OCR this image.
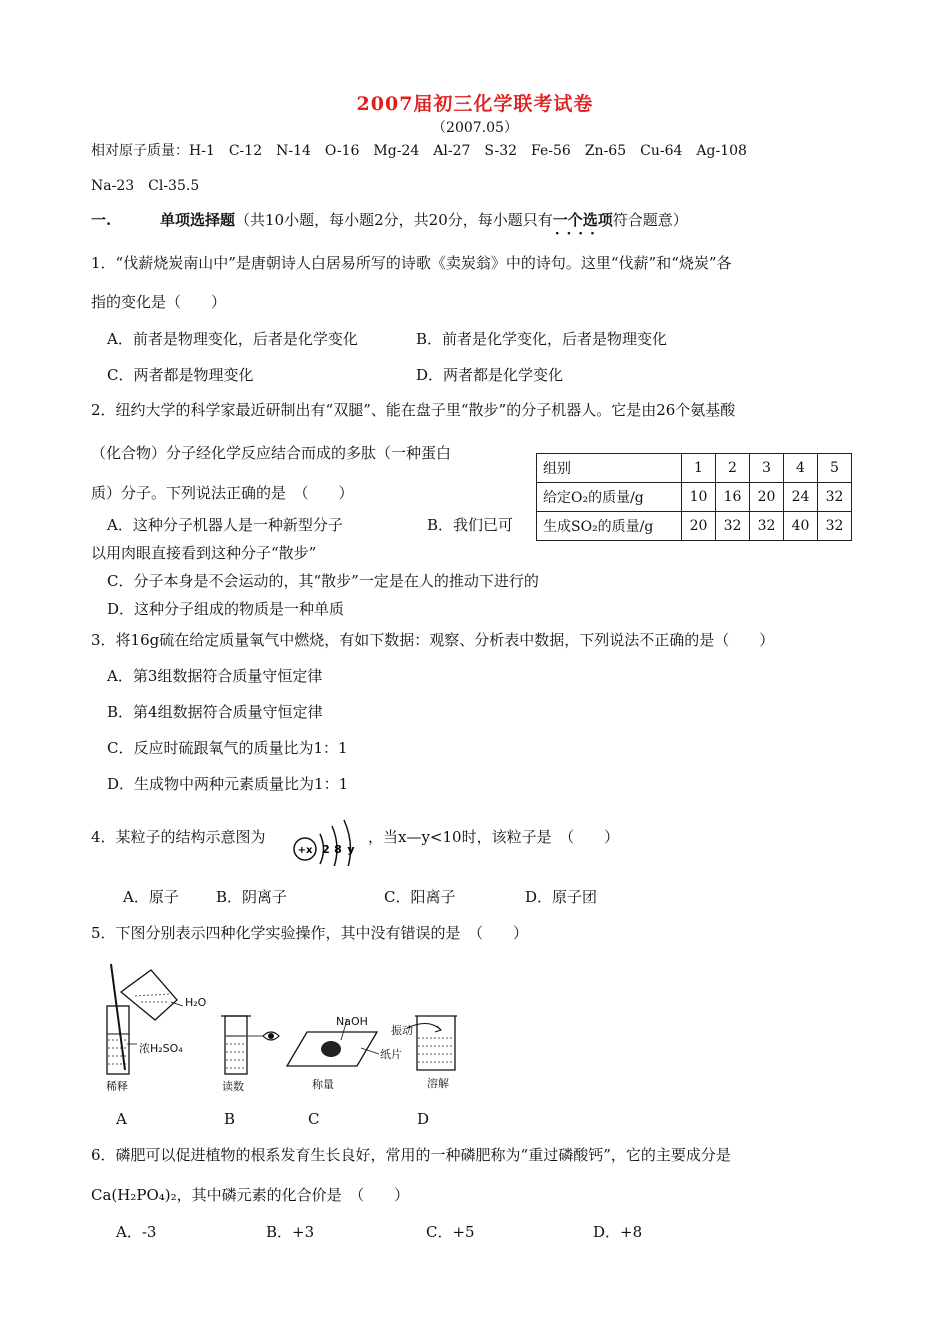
2007届初三化学联考试卷
（2007.05）
相对原子质量：H-1　C-12　N-14　O-16　Mg-24　Al-27　S-32　Fe-56　Zn-65　Cu-64　Ag-108
Na-23　Cl-35.5
一.	单项选择题（共10小题，每小题2分，共20分，每小题只有一个选项 · · 符合题意）
1．“伐薪烧炭南山中”是唐朝诗人白居易所写的诗歌《卖炭翁》中的诗句。这里“伐薪”和“烧炭”各
指的变化是（　　）
A．前者是物理变化，后者是化学变化	B．前者是化学变化，后者是物理变化
C．两者都是物理变化	D．两者都是化学变化
2．纽约大学的科学家最近研制出有“双腿”、能在盘子里“散步”的分子机器人。它是由26个氨基酸
（化合物）分子经化学反应结合而成的多肽（一种蛋白
质）分子。下列说法正确的是　（　　）
A．这种分子机器人是一种新型分子	B．我们已可
以用肉眼直接看到这种分子“散步”
C．分子本身是不会运动的，其“散步”一定是在人的推动下进行的
D．这种分子组成的物质是一种单质
组别	1	2	3	4	5
给定O₂的质量/g	10	16	20	24	32
生成SO₂的质量/g	20	32	32	40	32
3．将16g硫在给定质量氧气中燃烧，有如下数据：观察、分析表中数据，下列说法不正确的是（　　）
A．第3组数据符合质量守恒定律
B．第4组数据符合质量守恒定律
C．反应时硫跟氧气的质量比为1：1
D．生成物中两种元素质量比为1：1
4．某粒子的结构示意图为
+x 2 8 y
，当x—y<10时，该粒子是　（　　）
A．原子 B．阴离子	C．阳离子	D．原子团
5．下图分别表示四种化学实验操作，其中没有错误的是　（　　）
H₂O
浓H₂SO₄
稀释	读数
NaOH
纸片
称量
振动
溶解
A	B	C	D
6．磷肥可以促进植物的根系发育生长良好，常用的一种磷肥称为“重过磷酸钙”，它的主要成分是
Ca(H₂PO₄)₂，其中磷元素的化合价是　（　　）
A．-3	B．+3	C．+5	D．+8
